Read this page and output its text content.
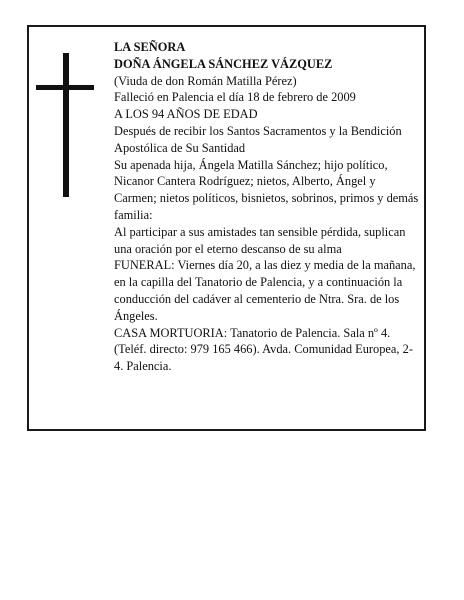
LA SEÑORA

DOÑA ÁNGELA SÁNCHEZ VÁZQUEZ

(Viuda de don Román Matilla Pérez)

Falleció en Palencia el día 18 de febrero de 2009

A LOS 94 AÑOS DE EDAD

Después de recibir los Santos Sacramentos y la Bendición Apostólica de Su Santidad

Su apenada hija, Ángela Matilla Sánchez; hijo político, Nicanor Cantera Rodríguez; nietos, Alberto, Ángel y Carmen; nietos políticos, bisnietos, sobrinos, primos y demás familia:

Al participar a sus amistades tan sensible pérdida, suplican una oración por el eterno descanso de su alma

FUNERAL: Viernes día 20, a las diez y media de la mañana, en la capilla del Tanatorio de Palencia, y a continuación la conducción del cadáver al cementerio de Ntra. Sra. de los Ángeles.

CASA MORTUORIA: Tanatorio de Palencia. Sala nº 4. (Teléf. directo: 979 165 466). Avda. Comunidad Europea, 2-4. Palencia.
